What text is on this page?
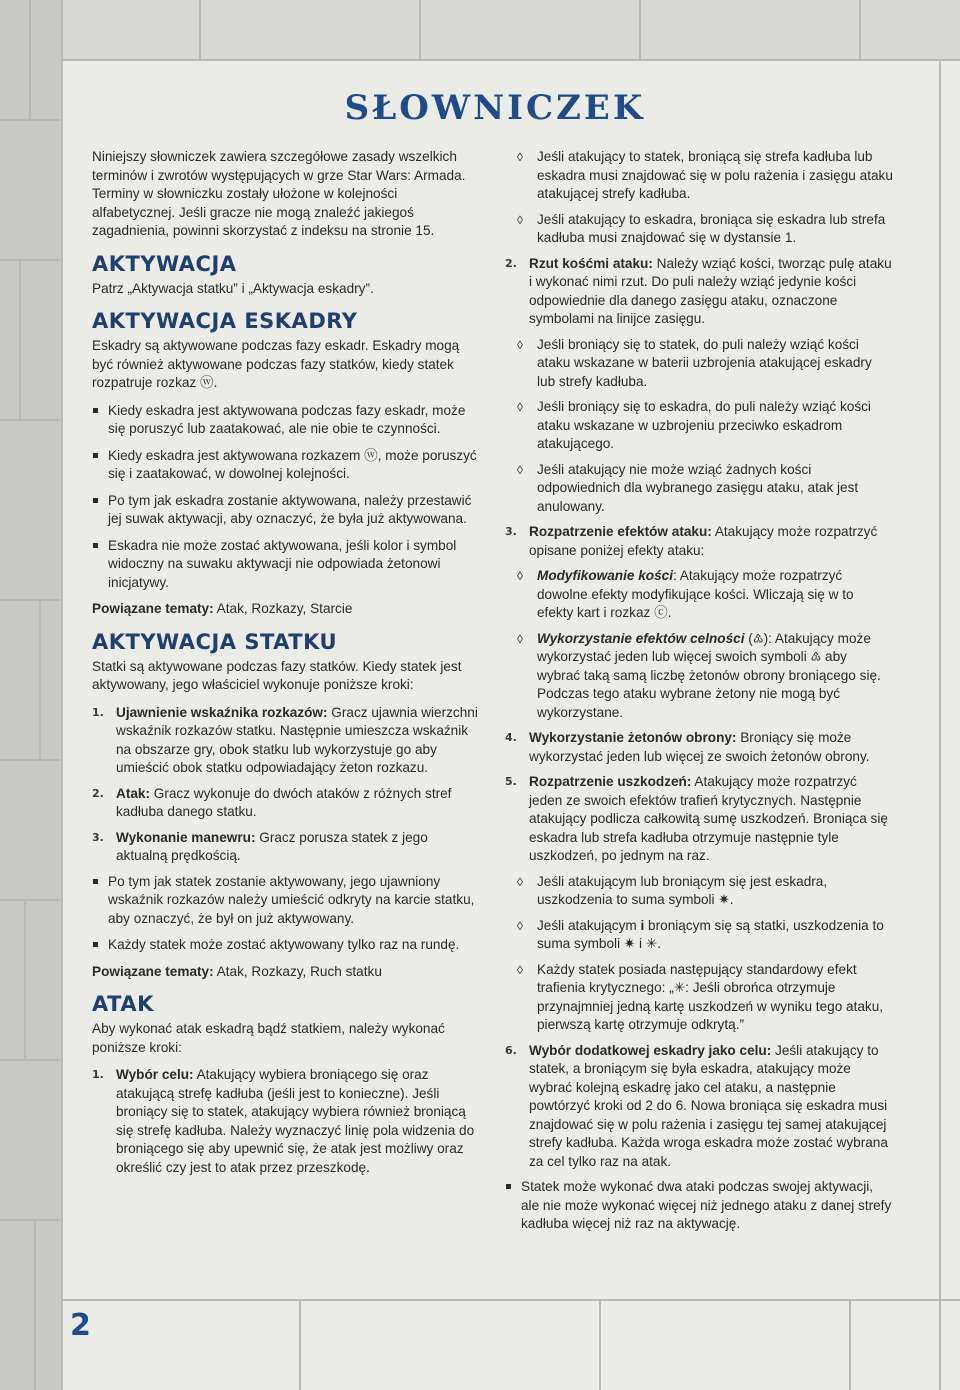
SŁOWNICZEK

Niniejszy słowniczek zawiera szczegółowe zasady wszelkich terminów i zwrotów występujących w grze Star Wars: Armada. Terminy w słowniczku zostały ułożone w kolejności alfabetycznej. Jeśli gracze nie mogą znaleźć jakiegoś zagadnienia, powinni skorzystać z indeksu na stronie 15.

AKTYWACJA

Patrz „Aktywacja statku” i „Aktywacja eskadry”.

AKTYWACJA ESKADRY

Eskadry są aktywowane podczas fazy eskadr. Eskadry mogą być również aktywowane podczas fazy statków, kiedy statek rozpatruje rozkaz ⓦ.

Kiedy eskadra jest aktywowana podczas fazy eskadr, może się poruszyć lub zaatakować, ale nie obie te czynności.
Kiedy eskadra jest aktywowana rozkazem ⓦ, może poruszyć się i zaatakować, w dowolnej kolejności.
Po tym jak eskadra zostanie aktywowana, należy przestawić jej suwak aktywacji, aby oznaczyć, że była już aktywowana.
Eskadra nie może zostać aktywowana, jeśli kolor i symbol widoczny na suwaku aktywacji nie odpowiada żetonowi inicjatywy.

Powiązane tematy: Atak, Rozkazy, Starcie

AKTYWACJA STATKU

Statki są aktywowane podczas fazy statków. Kiedy statek jest aktywowany, jego właściciel wykonuje poniższe kroki:

1. Ujawnienie wskaźnika rozkazów: Gracz ujawnia wierzchni wskaźnik rozkazów statku. Następnie umieszcza wskaźnik na obszarze gry, obok statku lub wykorzystuje go aby umieścić obok statku odpowiadający żeton rozkazu.
2. Atak: Gracz wykonuje do dwóch ataków z różnych stref kadłuba danego statku.
3. Wykonanie manewru: Gracz porusza statek z jego aktualną prędkością.
Po tym jak statek zostanie aktywowany, jego ujawniony wskaźnik rozkazów należy umieścić odkryty na karcie statku, aby oznaczyć, że był on już aktywowany.
Każdy statek może zostać aktywowany tylko raz na rundę.

Powiązane tematy: Atak, Rozkazy, Ruch statku

ATAK

Aby wykonać atak eskadrą bądź statkiem, należy wykonać poniższe kroki:

1. Wybór celu: Atakujący wybiera broniącego się oraz atakującą strefę kadłuba (jeśli jest to konieczne). Jeśli broniący się to statek, atakujący wybiera również broniącą się strefę kadłuba. Należy wyznaczyć linię pola widzenia do broniącego się aby upewnić się, że atak jest możliwy oraz określić czy jest to atak przez przeszkodę.
◊ Jeśli atakujący to statek, broniącą się strefa kadłuba lub eskadra musi znajdować się w polu rażenia i zasięgu ataku atakującej strefy kadłuba.
◊ Jeśli atakujący to eskadra, broniąca się eskadra lub strefa kadłuba musi znajdować się w dystansie 1.
2. Rzut kośćmi ataku: Należy wziąć kości, tworząc pulę ataku i wykonać nimi rzut. Do puli należy wziąć jedynie kości odpowiednie dla danego zasięgu ataku, oznaczone symbolami na linijce zasięgu.
◊ Jeśli broniący się to statek, do puli należy wziąć kości ataku wskazane w baterii uzbrojenia atakującej eskadry lub strefy kadłuba.
◊ Jeśli broniący się to eskadra, do puli należy wziąć kości ataku wskazane w uzbrojeniu przeciwko eskadrom atakującego.
◊ Jeśli atakujący nie może wziąć żadnych kości odpowiednich dla wybranego zasięgu ataku, atak jest anulowany.
3. Rozpatrzenie efektów ataku: Atakujący może rozpatrzyć opisane poniżej efekty ataku:
◊ Modyfikowanie kości: Atakujący może rozpatrzyć dowolne efekty modyfikujące kości. Wliczają się w to efekty kart i rozkaz ⓒ.
◊ Wykorzystanie efektów celności (♳): Atakujący może wykorzystać jeden lub więcej swoich symboli ♳ aby wybrać taką samą liczbę żetonów obrony broniącego się. Podczas tego ataku wybrane żetony nie mogą być wykorzystane.
4. Wykorzystanie żetonów obrony: Broniący się może wykorzystać jeden lub więcej ze swoich żetonów obrony.
5. Rozpatrzenie uszkodzeń: Atakujący może rozpatrzyć jeden ze swoich efektów trafień krytycznych. Następnie atakujący podlicza całkowitą sumę uszkodzeń. Broniąca się eskadra lub strefa kadłuba otrzymuje następnie tyle uszkodzeń, po jednym na raz.
◊ Jeśli atakującym lub broniącym się jest eskadra, uszkodzenia to suma symboli ✷.
◊ Jeśli atakującym i broniącym się są statki, uszkodzenia to suma symboli ✷ i ✳.
◊ Każdy statek posiada następujący standardowy efekt trafienia krytycznego: „✳: Jeśli obrońca otrzymuje przynajmniej jedną kartę uszkodzeń w wyniku tego ataku, pierwszą kartę otrzymuje odkrytą.”
6. Wybór dodatkowej eskadry jako celu: Jeśli atakujący to statek, a broniącym się była eskadra, atakujący może wybrać kolejną eskadrę jako cel ataku, a następnie powtórzyć kroki od 2 do 6. Nowa broniąca się eskadra musi znajdować się w polu rażenia i zasięgu tej samej atakującej strefy kadłuba. Każda wroga eskadra może zostać wybrana za cel tylko raz na atak.
Statek może wykonać dwa ataki podczas swojej aktywacji, ale nie może wykonać więcej niż jednego ataku z danej strefy kadłuba więcej niż raz na aktywację.
2
